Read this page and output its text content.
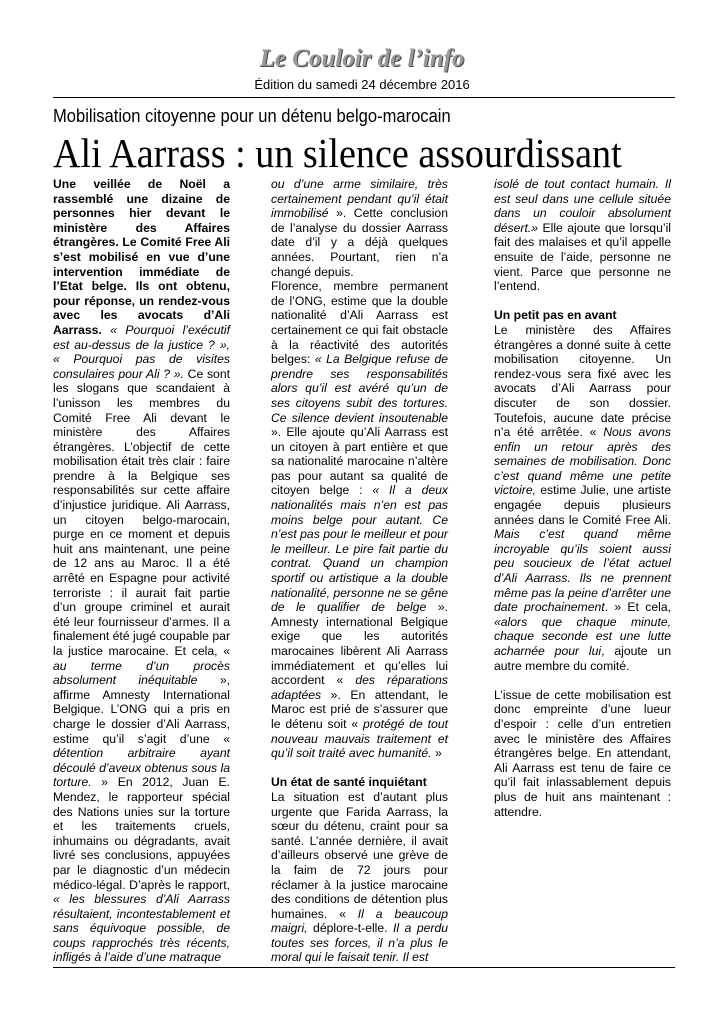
Le Couloir de l’info
Édition du samedi 24 décembre 2016
Mobilisation citoyenne pour un détenu belgo-marocain
Ali Aarrass : un silence assourdissant

Une veillée de Noël a rassemblé une dizaine de personnes hier devant le ministère des Affaires étrangères. Le Comité Free Ali s’est mobilisé en vue d’une intervention immédiate de l’Etat belge. Ils ont obtenu, pour réponse, un rendez-vous avec les avocats d’Ali Aarrass. « Pourquoi l’exécutif est au-dessus de la justice ? », « Pourquoi pas de visites consulaires pour Ali ? ». Ce sont les slogans que scandaient à l’unisson les membres du Comité Free Ali devant le ministère des Affaires étrangères. L’objectif de cette mobilisation était très clair : faire prendre à la Belgique ses responsabilités sur cette affaire d’injustice juridique. Ali Aarrass, un citoyen belgo-marocain, purge en ce moment et depuis huit ans maintenant, une peine de 12 ans au Maroc. Il a été arrêté en Espagne pour activité terroriste : il aurait fait partie d’un groupe criminel et aurait été leur fournisseur d’armes. Il a finalement été jugé coupable par la justice marocaine. Et cela, « au terme d’un procès absolument inéquitable », affirme Amnesty International Belgique. L’ONG qui a pris en charge le dossier d’Ali Aarrass, estime qu’il s’agit d’une « détention arbitraire ayant découlé d’aveux obtenus sous la torture. » En 2012, Juan E. Mendez, le rapporteur spécial des Nations unies sur la torture et les traitements cruels, inhumains ou dégradants, avait livré ses conclusions, appuyées par le diagnostic d’un médecin médico-légal. D’après le rapport, « les blessures d’Ali Aarrass résultaient, incontestablement et sans équivoque possible, de coups rapprochés très récents, infligés à l’aide d’une matraque

ou d’une arme similaire, très certainement pendant qu’il était immobilisé ». Cette conclusion de l’analyse du dossier Aarrass date d’il y a déjà quelques années. Pourtant, rien n’a changé depuis.

Florence, membre permanent de l’ONG, estime que la double nationalité d’Ali Aarrass est certainement ce qui fait obstacle à la réactivité des autorités belges: « La Belgique refuse de prendre ses responsabilités alors qu’il est avéré qu’un de ses citoyens subit des tortures. Ce silence devient insoutenable ». Elle ajoute qu’Ali Aarrass est un citoyen à part entière et que sa nationalité marocaine n’altère pas pour autant sa qualité de citoyen belge : « Il a deux nationalités mais n’en est pas moins belge pour autant. Ce n’est pas pour le meilleur et pour le meilleur. Le pire fait partie du contrat. Quand un champion sportif ou artistique a la double nationalité, personne ne se gêne de le qualifier de belge ». Amnesty international Belgique exige que les autorités marocaines libèrent Ali Aarrass immédiatement et qu’elles lui accordent « des réparations adaptées ». En attendant, le Maroc est prié de s’assurer que le détenu soit « protégé de tout nouveau mauvais traitement et qu’il soit traité avec humanité. »

Un état de santé inquiétant

La situation est d’autant plus urgente que Farida Aarrass, la sœur du détenu, craint pour sa santé. L’année dernière, il avait d’ailleurs observé une grève de la faim de 72 jours pour réclamer à la justice marocaine des conditions de détention plus humaines. « Il a beaucoup maigri, déplore-t-elle. Il a perdu toutes ses forces, il n’a plus le moral qui le faisait tenir. Il est

isolé de tout contact humain. Il est seul dans une cellule située dans un couloir absolument désert.» Elle ajoute que lorsqu’il fait des malaises et qu’il appelle ensuite de l’aide, personne ne vient. Parce que personne ne l’entend.

Un petit pas en avant

Le ministère des Affaires étrangères a donné suite à cette mobilisation citoyenne. Un rendez-vous sera fixé avec les avocats d’Ali Aarrass pour discuter de son dossier. Toutefois, aucune date précise n’a été arrêtée. « Nous avons enfin un retour après des semaines de mobilisation. Donc c’est quand même une petite victoire, estime Julie, une artiste engagée depuis plusieurs années dans le Comité Free Ali. Mais c’est quand même incroyable qu’ils soient aussi peu soucieux de l’état actuel d’Ali Aarrass. Ils ne prennent même pas la peine d’arrêter une date prochainement. » Et cela, «alors que chaque minute, chaque seconde est une lutte acharnée pour lui, ajoute un autre membre du comité.

L’issue de cette mobilisation est donc empreinte d’une lueur d’espoir : celle d’un entretien avec le ministère des Affaires étrangères belge. En attendant, Ali Aarrass est tenu de faire ce qu’il fait inlassablement depuis plus de huit ans maintenant : attendre.
